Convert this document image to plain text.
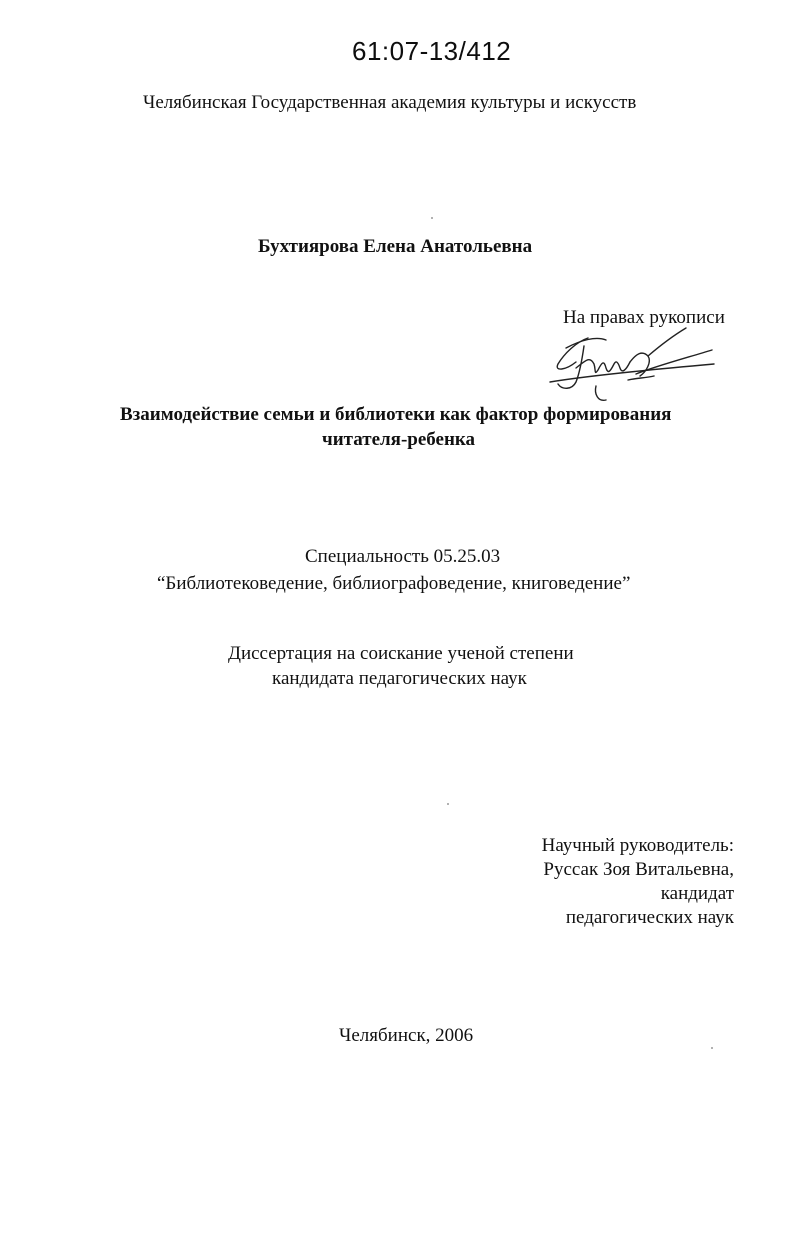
61:07-13/412
Челябинская Государственная академия культуры и искусств
Бухтиярова Елена Анатольевна
На правах рукописи
Взаимодействие семьи и библиотеки как фактор формирования
читателя-ребенка
Специальность 05.25.03
“Библиотековедение, библиографоведение, книговедение”
Диссертация на соискание ученой степени
кандидата педагогических наук
Научный руководитель:
Руссак Зоя Витальевна,
кандидат
педагогических наук
Челябинск, 2006
